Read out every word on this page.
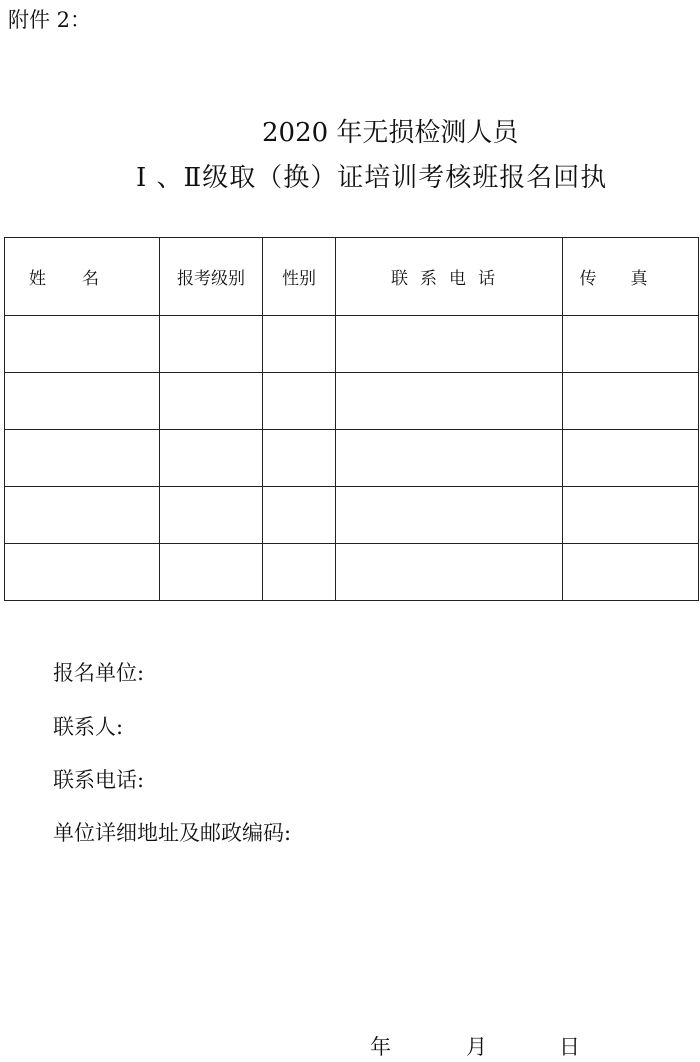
附件 2：
2020 年无损检测人员
Ⅰ 、Ⅱ级取（换）证培训考核班报名回执
姓名	报考级别	性别	联系电话	传真

报名单位:
联系人:
联系电话:
单位详细地址及邮政编码:
年	月	日
